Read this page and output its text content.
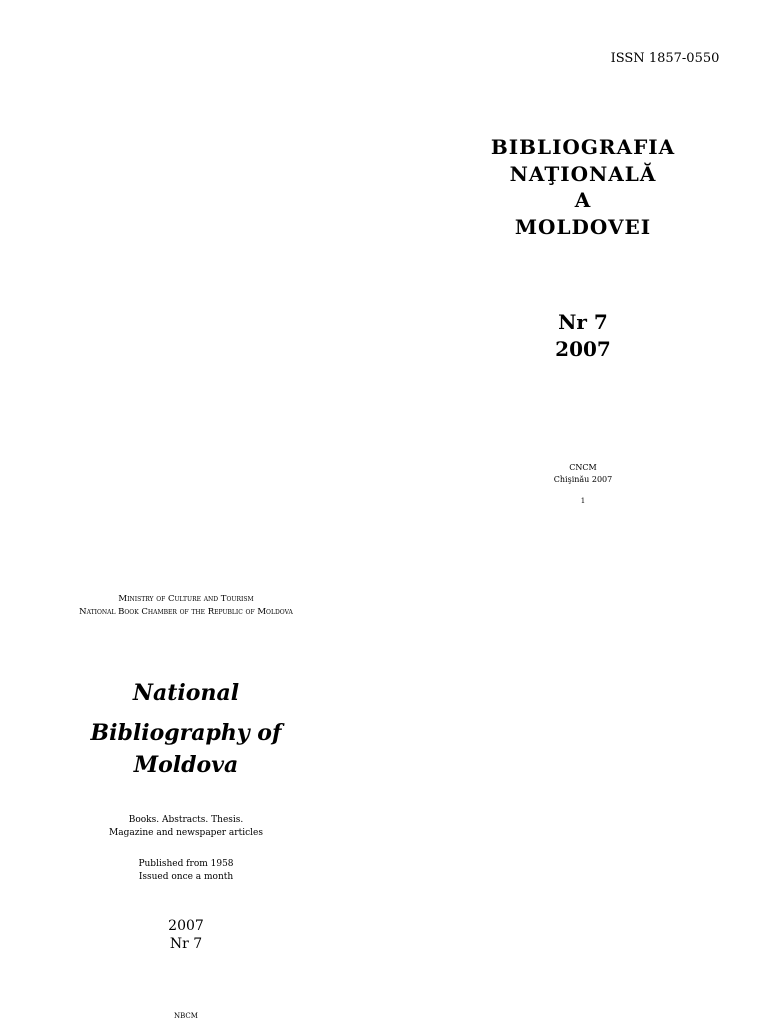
ISSN 1857-0550
BIBLIOGRAFIA
NAŢIONALĂ
A
MOLDOVEI
Nr 7
2007
CNCM
Chişinău 2007
1
Ministry of Culture and Tourism
National Book Chamber of the Republic of Moldova
National
Bibliography of
Moldova
Books. Abstracts. Thesis.
Magazine and newspaper articles
Published from 1958
Issued once a month
2007
Nr 7
NBCM
